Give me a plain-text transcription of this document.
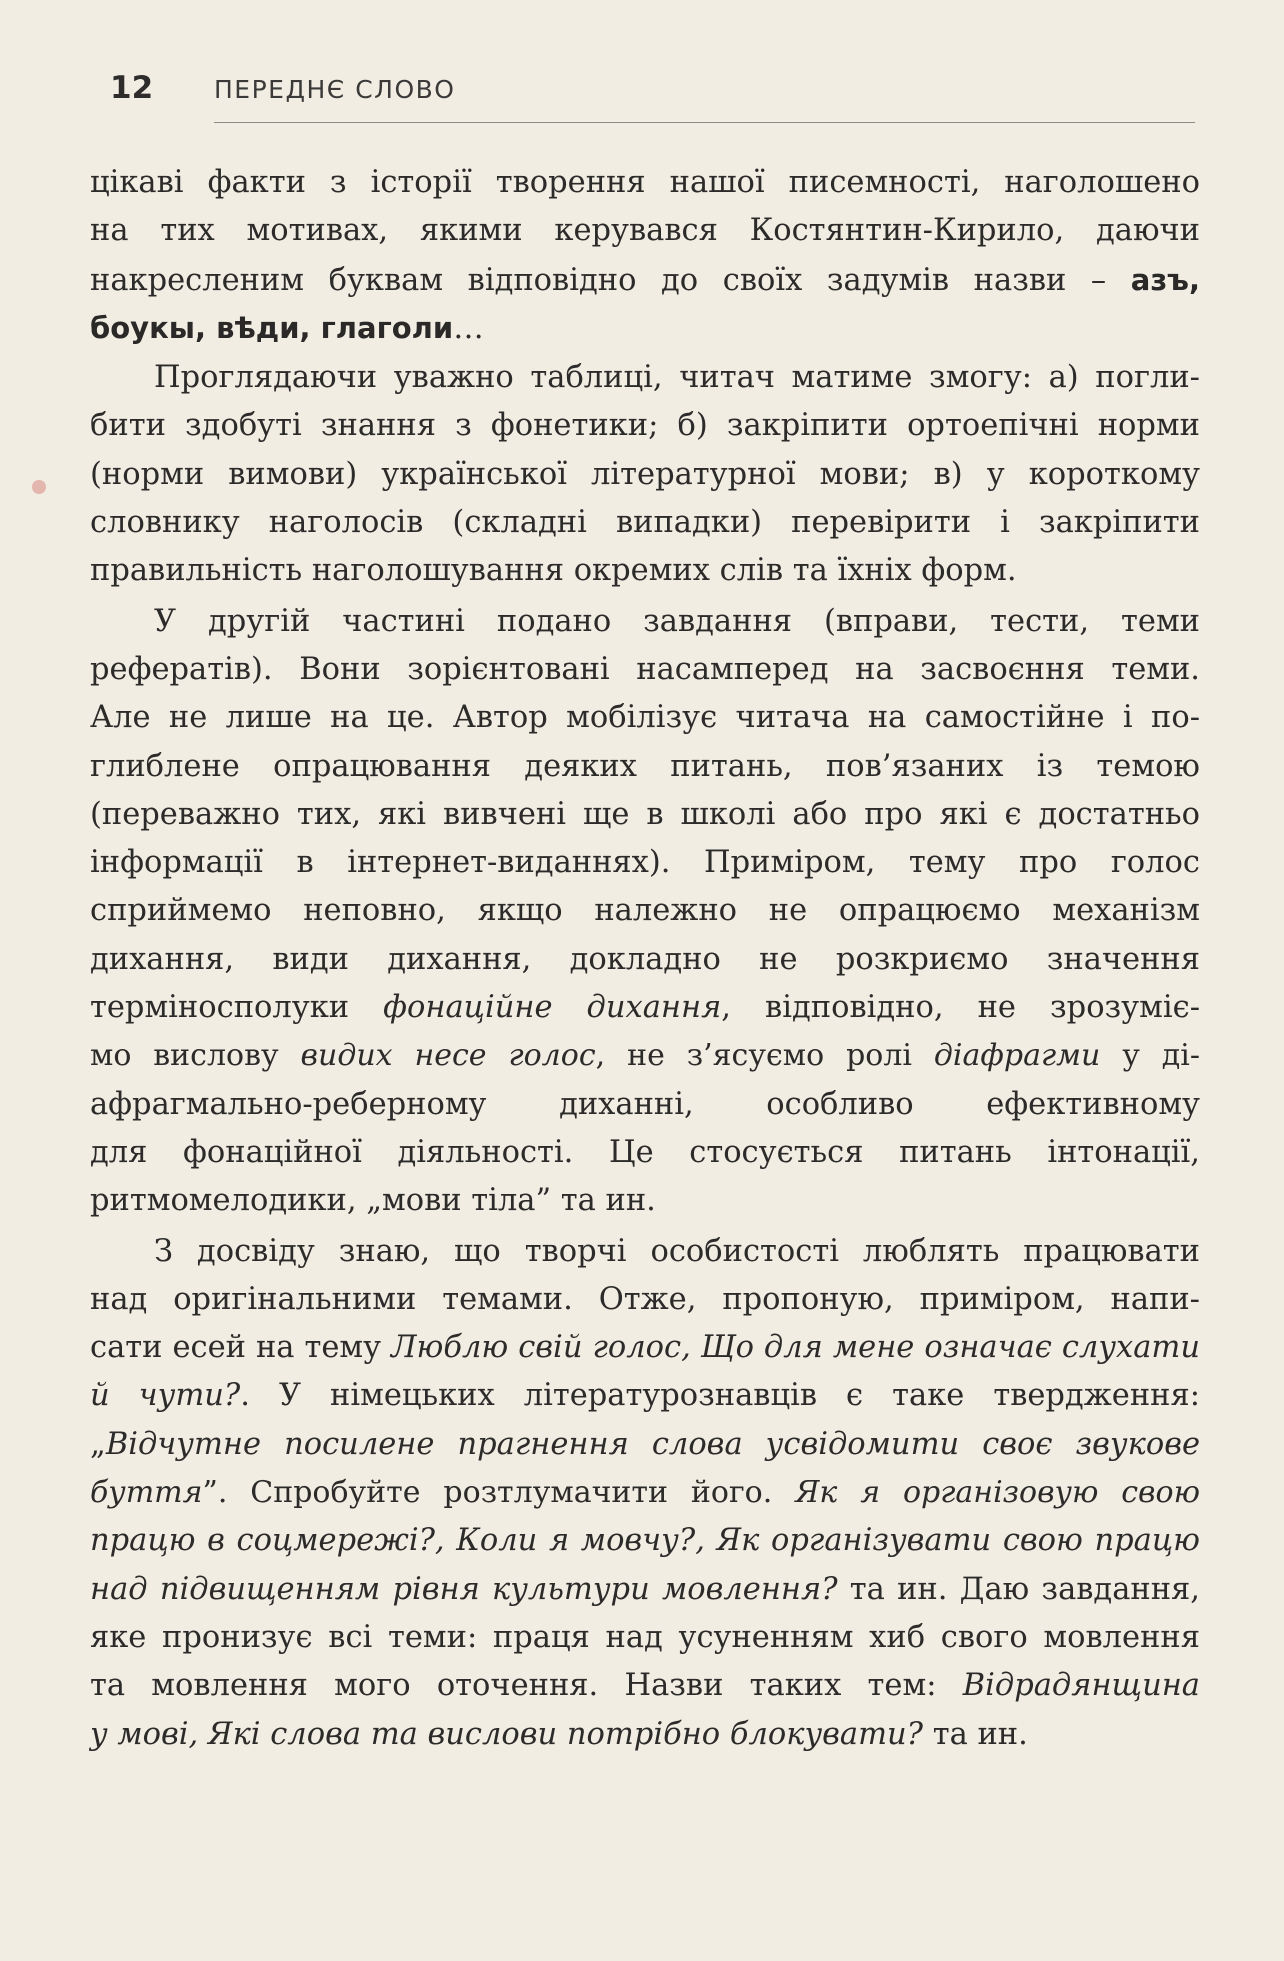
12 ПЕРЕДНЄ СЛОВО
цікаві факти з історії творення нашої писемності, наголошено
на тих мотивах, якими керувався Костянтин-Кирило, даючи
накресленим буквам відповідно до своїх задумів назви – азъ,
боукы, вѣди, глаголи…
Проглядаючи уважно таблиці, читач матиме змогу: а) погли-
бити здобуті знання з фонетики; б) закріпити ортоепічні норми
(норми вимови) української літературної мови; в) у короткому
словнику наголосів (складні випадки) перевірити і закріпити
правильність наголошування окремих слів та їхніх форм.
У другій частині подано завдання (вправи, тести, теми
рефератів). Вони зорієнтовані насамперед на засвоєння теми.
Але не лише на це. Автор мобілізує читача на самостійне і по-
глиблене опрацювання деяких питань, пов’язаних із темою
(переважно тих, які вивчені ще в школі або про які є достатньо
інформації в інтернет-виданнях). Приміром, тему про голос
сприймемо неповно, якщо належно не опрацюємо механізм
дихання, види дихання, докладно не розкриємо значення
терміносполуки фонаційне дихання, відповідно, не зрозуміє-
мо вислову видих несе голос, не з’ясуємо ролі діафрагми у ді-
афрагмально-реберному диханні, особливо ефективному
для фонаційної діяльності. Це стосується питань інтонації,
ритмомелодики, „мови тіла” та ин.
З досвіду знаю, що творчі особистості люблять працювати
над оригінальними темами. Отже, пропоную, приміром, напи-
сати есей на тему Люблю свій голос, Що для мене означає слухати
й чути?. У німецьких літературознавців є таке твердження:
„Відчутне посилене прагнення слова усвідомити своє звукове
буття”. Спробуйте розтлумачити його. Як я організовую свою
працю в соцмережі?, Коли я мовчу?, Як організувати свою працю
над підвищенням рівня культури мовлення? та ин. Даю завдання,
яке пронизує всі теми: праця над усуненням хиб свого мовлення
та мовлення мого оточення. Назви таких тем: Відрадянщина
у мові, Які слова та вислови потрібно блокувати? та ин.
